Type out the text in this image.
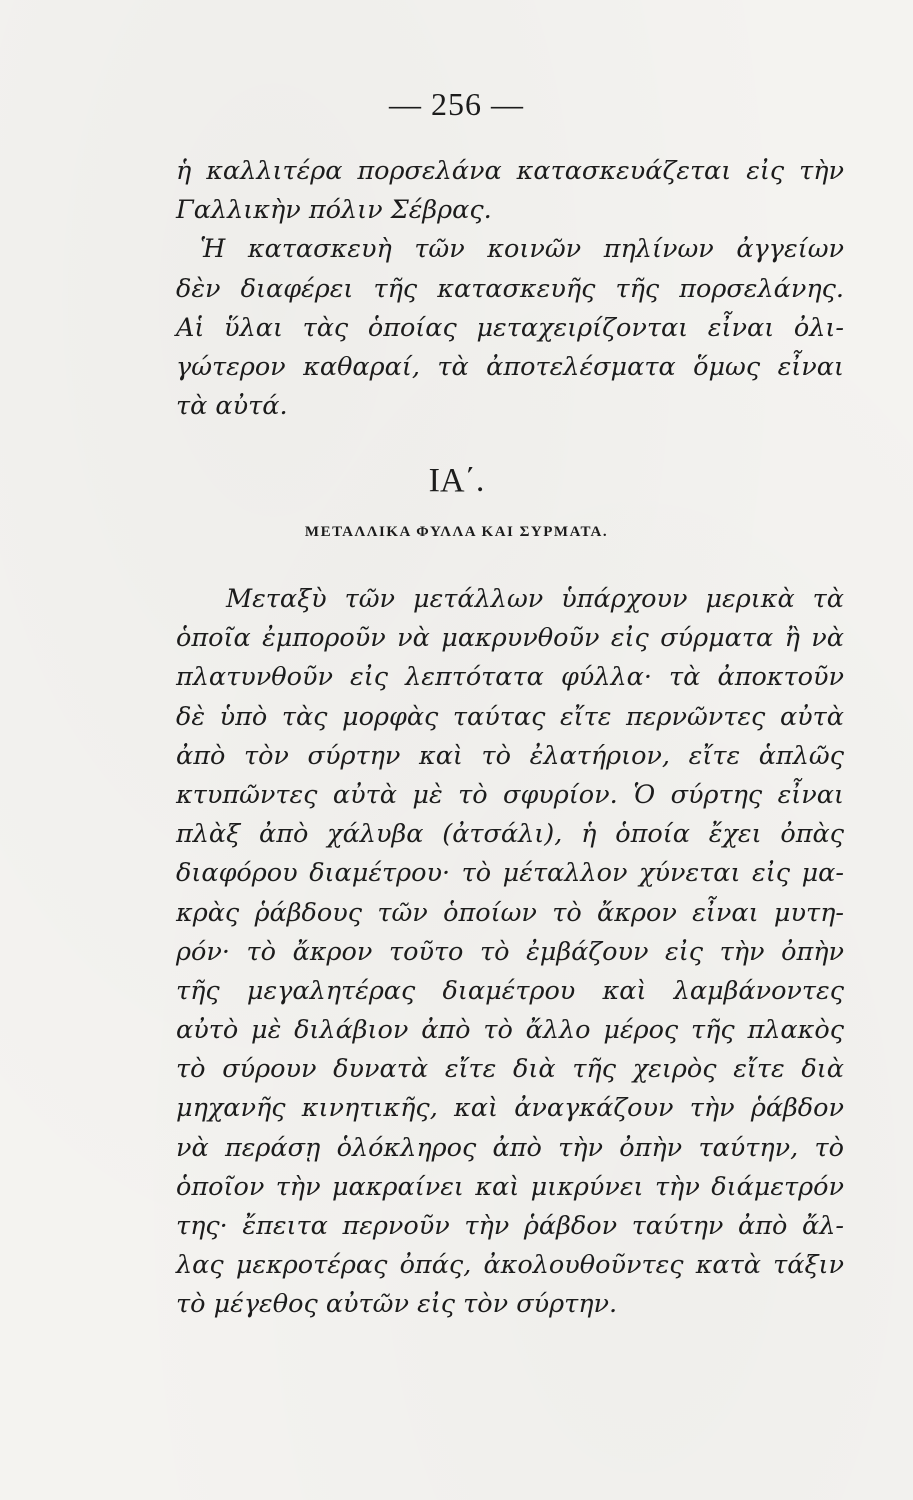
— 256 —
ἡ καλλιτέρα πορσελάνα κατασκευάζεται εἰς τὴν
Γαλλικὴν πόλιν Σέβρας.
Ἡ κατασκευὴ τῶν κοινῶν πηλίνων ἀγγείων
δὲν διαφέρει τῆς κατασκευῆς τῆς πορσελάνης.
Αἱ ὕλαι τὰς ὁποίας μεταχειρίζονται εἶναι ὀλι-
γώτερον καθαραί, τὰ ἀποτελέσματα ὅμως εἶναι
τὰ αὐτά.
ΙΑ΄.
ΜΕΤΑΛΛΙΚΑ ΦΥΛΛΑ ΚΑΙ ΣΥΡΜΑΤΑ.
Μεταξὺ τῶν μετάλλων ὑπάρχουν μερικὰ τὰ
ὁποῖα ἐμποροῦν νὰ μακρυνθοῦν εἰς σύρματα ἢ νὰ
πλατυνθοῦν εἰς λεπτότατα φύλλα· τὰ ἀποκτοῦν
δὲ ὑπὸ τὰς μορφὰς ταύτας εἴτε περνῶντες αὐτὰ
ἀπὸ τὸν σύρτην καὶ τὸ ἐλατήριον, εἴτε ἁπλῶς
κτυπῶντες αὐτὰ μὲ τὸ σφυρίον. Ὁ σύρτης εἶναι
πλὰξ ἀπὸ χάλυβα (ἀτσάλι), ἡ ὁποία ἔχει ὀπὰς
διαφόρου διαμέτρου· τὸ μέταλλον χύνεται εἰς μα-
κρὰς ῥάβδους τῶν ὁποίων τὸ ἄκρον εἶναι μυτη-
ρόν· τὸ ἄκρον τοῦτο τὸ ἐμβάζουν εἰς τὴν ὀπὴν
τῆς μεγαλητέρας διαμέτρου καὶ λαμβάνοντες
αὐτὸ μὲ διλάβιον ἀπὸ τὸ ἄλλο μέρος τῆς πλακὸς
τὸ σύρουν δυνατὰ εἴτε διὰ τῆς χειρὸς εἴτε διὰ
μηχανῆς κινητικῆς, καὶ ἀναγκάζουν τὴν ῥάβδον
νὰ περάσῃ ὁλόκληρος ἀπὸ τὴν ὀπὴν ταύτην, τὸ
ὁποῖον τὴν μακραίνει καὶ μικρύνει τὴν διάμετρόν
της· ἔπειτα περνοῦν τὴν ῥάβδον ταύτην ἀπὸ ἄλ-
λας μεκροτέρας ὀπάς, ἀκολουθοῦντες κατὰ τάξιν
τὸ μέγεθος αὐτῶν εἰς τὸν σύρτην.
